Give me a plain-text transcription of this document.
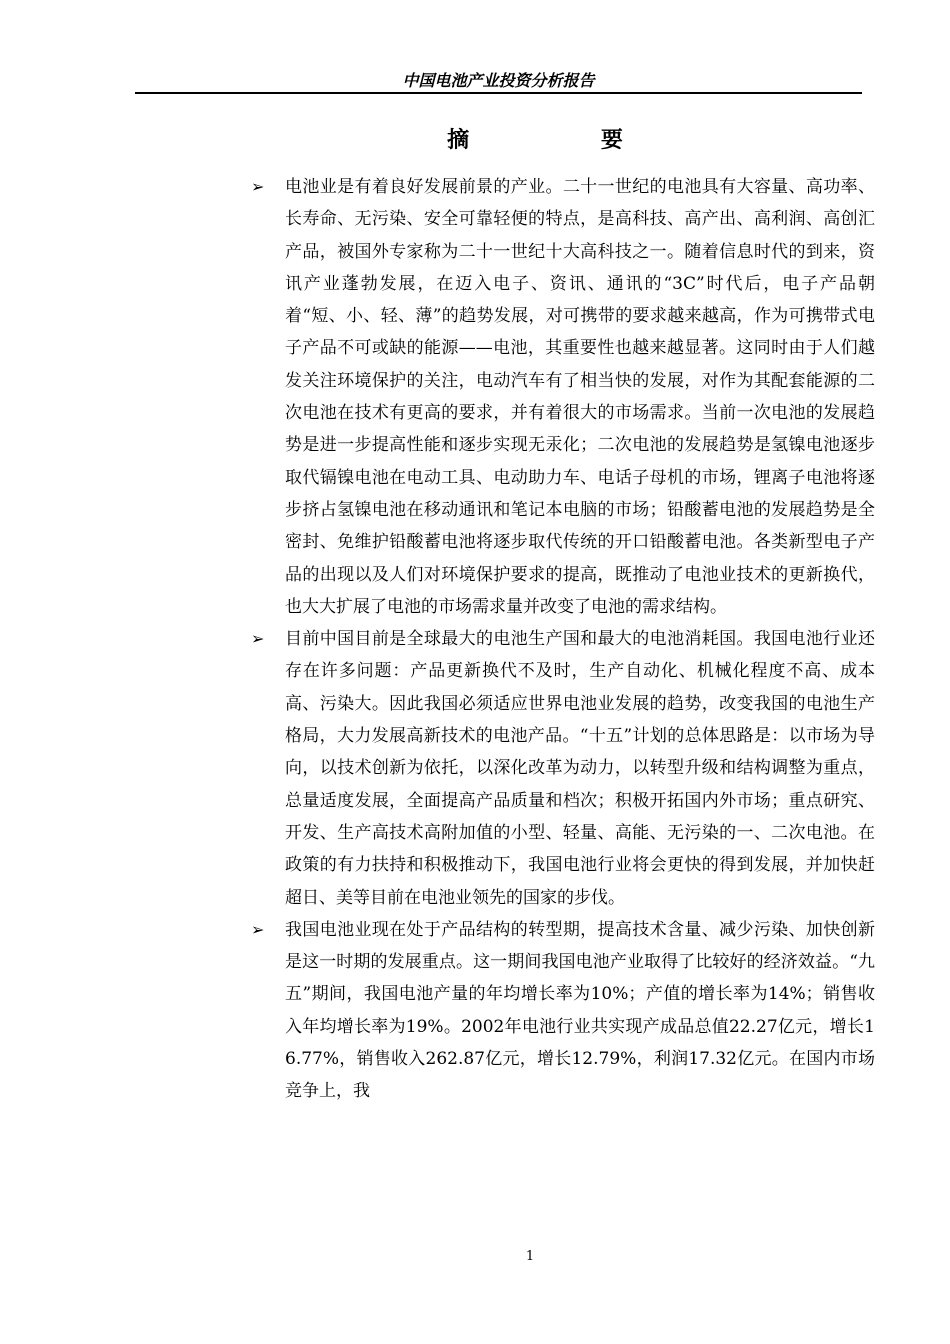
中国电池产业投资分析报告
摘 要
➢ 电池业是有着良好发展前景的产业。二十一世纪的电池具有大容量、高功率、长寿命、无污染、安全可靠轻便的特点，是高科技、高产出、高利润、高创汇产品，被国外专家称为二十一世纪十大高科技之一。随着信息时代的到来，资讯产业蓬勃发展，在迈入电子、资讯、通讯的“3C”时代后，电子产品朝着“短、小、轻、薄”的趋势发展，对可携带的要求越来越高，作为可携带式电子产品不可或缺的能源——电池，其重要性也越来越显著。这同时由于人们越发关注环境保护的关注，电动汽车有了相当快的发展，对作为其配套能源的二次电池在技术有更高的要求，并有着很大的市场需求。当前一次电池的发展趋势是进一步提高性能和逐步实现无汞化；二次电池的发展趋势是氢镍电池逐步取代镉镍电池在电动工具、电动助力车、电话子母机的市场，锂离子电池将逐步挤占氢镍电池在移动通讯和笔记本电脑的市场；铅酸蓄电池的发展趋势是全密封、免维护铅酸蓄电池将逐步取代传统的开口铅酸蓄电池。各类新型电子产品的出现以及人们对环境保护要求的提高，既推动了电池业技术的更新换代，也大大扩展了电池的市场需求量并改变了电池的需求结构。
➢ 目前中国目前是全球最大的电池生产国和最大的电池消耗国。我国电池行业还存在许多问题：产品更新换代不及时，生产自动化、机械化程度不高、成本高、污染大。因此我国必须适应世界电池业发展的趋势，改变我国的电池生产格局，大力发展高新技术的电池产品。“十五”计划的总体思路是：以市场为导向，以技术创新为依托，以深化改革为动力，以转型升级和结构调整为重点，总量适度发展，全面提高产品质量和档次；积极开拓国内外市场；重点研究、开发、生产高技术高附加值的小型、轻量、高能、无污染的一、二次电池。在政策的有力扶持和积极推动下，我国电池行业将会更快的得到发展，并加快赶超日、美等目前在电池业领先的国家的步伐。
➢ 我国电池业现在处于产品结构的转型期，提高技术含量、减少污染、加快创新是这一时期的发展重点。这一期间我国电池产业取得了比较好的经济效益。“九五”期间，我国电池产量的年均增长率为10%；产值的增长率为14%；销售收入年均增长率为19%。2002年电池行业共实现产成品总值22.27亿元，增长16.77%，销售收入262.87亿元，增长12.79%，利润17.32亿元。在国内市场竞争上，我
1
